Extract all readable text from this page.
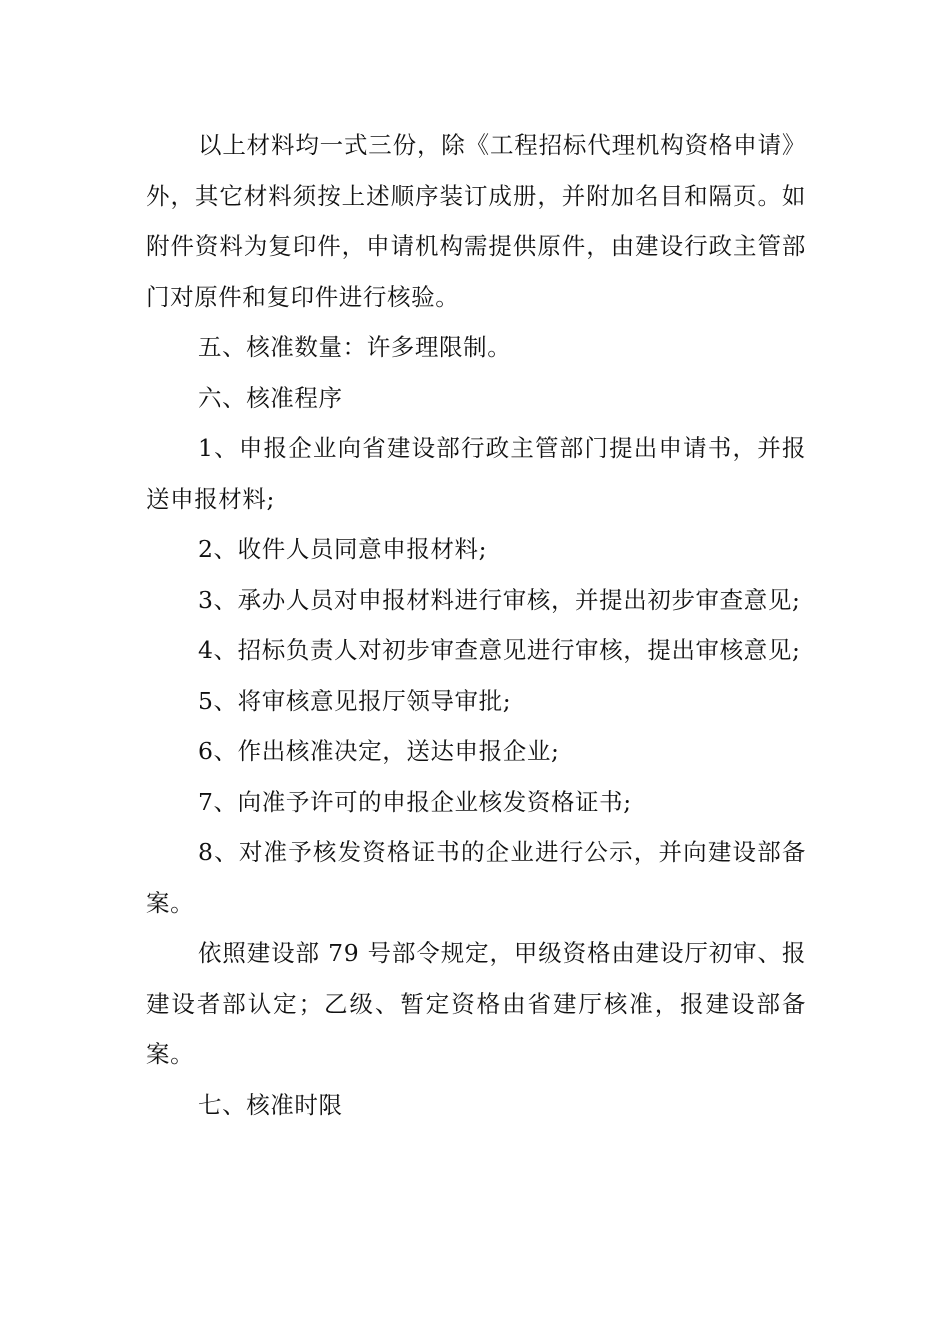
以上材料均一式三份，除《工程招标代理机构资格申请》外，其它材料须按上述顺序装订成册，并附加名目和隔页。如附件资料为复印件，申请机构需提供原件，由建设行政主管部门对原件和复印件进行核验。

五、核准数量：许多理限制。

六、核准程序

1、申报企业向省建设部行政主管部门提出申请书，并报送申报材料;

2、收件人员同意申报材料;

3、承办人员对申报材料进行审核，并提出初步审查意见;

4、招标负责人对初步审查意见进行审核，提出审核意见;

5、将审核意见报厅领导审批;

6、作出核准决定，送达申报企业;

7、向准予许可的申报企业核发资格证书;

8、对准予核发资格证书的企业进行公示，并向建设部备案。

依照建设部 79 号部令规定，甲级资格由建设厅初审、报建设者部认定；乙级、暂定资格由省建厅核准，报建设部备案。

七、核准时限
